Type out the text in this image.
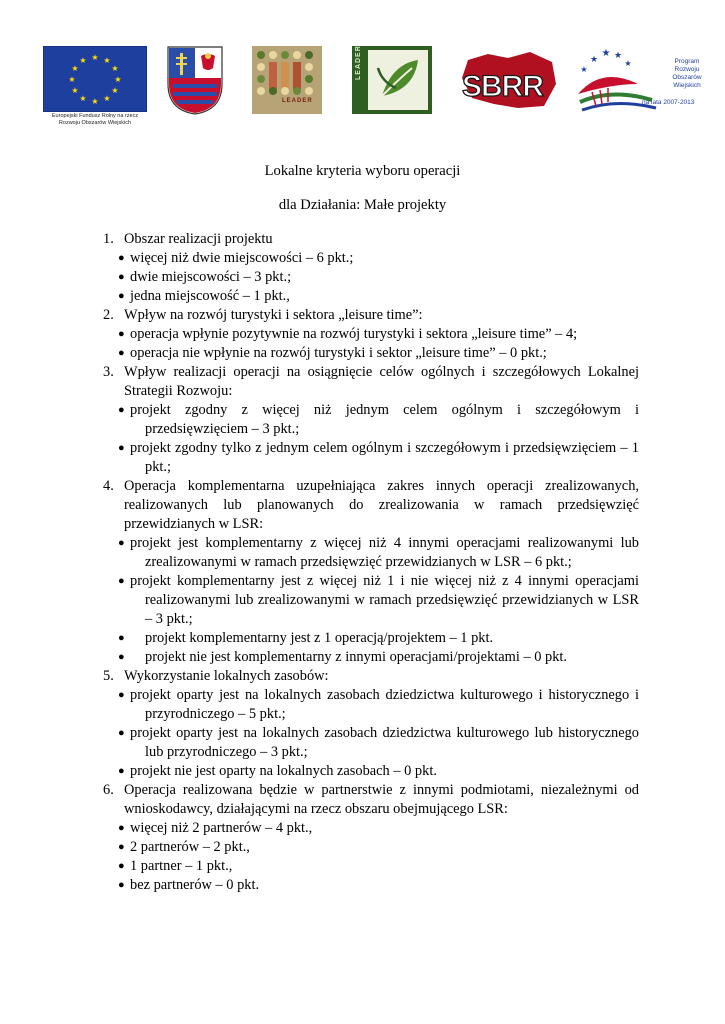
★ ★
★
★
★
★
★
★
★
★
★
★
Europejski Fundusz Rolny na rzecz
Rozwoju Obszarów Wiejskich
LEADER
LEADER
SBRR
★ ★
★	★
★
Program
Rozwoju
Obszarów
Wiejskich
na lata 2007-2013
Lokalne kryteria wyboru operacji
dla Działania: Małe projekty
1. Obszar realizacji projektu
● więcej niż dwie miejscowości – 6 pkt.;
● dwie miejscowości – 3 pkt.;
● jedna miejscowość – 1 pkt.,
2. Wpływ na rozwój turystyki i sektora „leisure time”:
● operacja wpłynie pozytywnie na rozwój turystyki i sektora „leisure time” – 4;
● operacja nie wpłynie na rozwój turystyki i sektor „leisure time” – 0 pkt.;
3. Wpływ realizacji operacji na osiągnięcie celów ogólnych i szczegółowych Lokalnej Strategii Rozwoju:
● projekt zgodny z więcej niż jednym celem ogólnym i szczegółowym i przedsięwzięciem – 3 pkt.;
● projekt zgodny tylko z jednym celem ogólnym i szczegółowym i przedsięwzięciem – 1 pkt.;
4. Operacja komplementarna uzupełniająca zakres innych operacji zrealizowanych, realizowanych lub planowanych do zrealizowania w ramach przedsięwzięć przewidzianych w LSR:
● projekt jest komplementarny z więcej niż 4 innymi operacjami realizowanymi lub zrealizowanymi w ramach przedsięwzięć przewidzianych w LSR – 6 pkt.;
● projekt komplementarny jest z więcej niż 1 i nie więcej niż z 4 innymi operacjami realizowanymi lub zrealizowanymi w ramach przedsięwzięć przewidzianych w LSR – 3 pkt.;
● projekt komplementarny jest z 1 operacją/projektem – 1 pkt.
● projekt nie jest komplementarny z innymi operacjami/projektami – 0 pkt.
5. Wykorzystanie lokalnych zasobów:
● projekt oparty jest na lokalnych zasobach dziedzictwa kulturowego i historycznego i przyrodniczego – 5 pkt.;
● projekt oparty jest na lokalnych zasobach dziedzictwa kulturowego lub historycznego lub przyrodniczego – 3 pkt.;
● projekt nie jest oparty na lokalnych zasobach – 0 pkt.
6. Operacja realizowana będzie w partnerstwie z innymi podmiotami, niezależnymi od wnioskodawcy, działającymi na rzecz obszaru obejmującego LSR:
● więcej niż 2 partnerów – 4 pkt.,
● 2 partnerów – 2 pkt.,
● 1 partner – 1 pkt.,
● bez partnerów – 0 pkt.
